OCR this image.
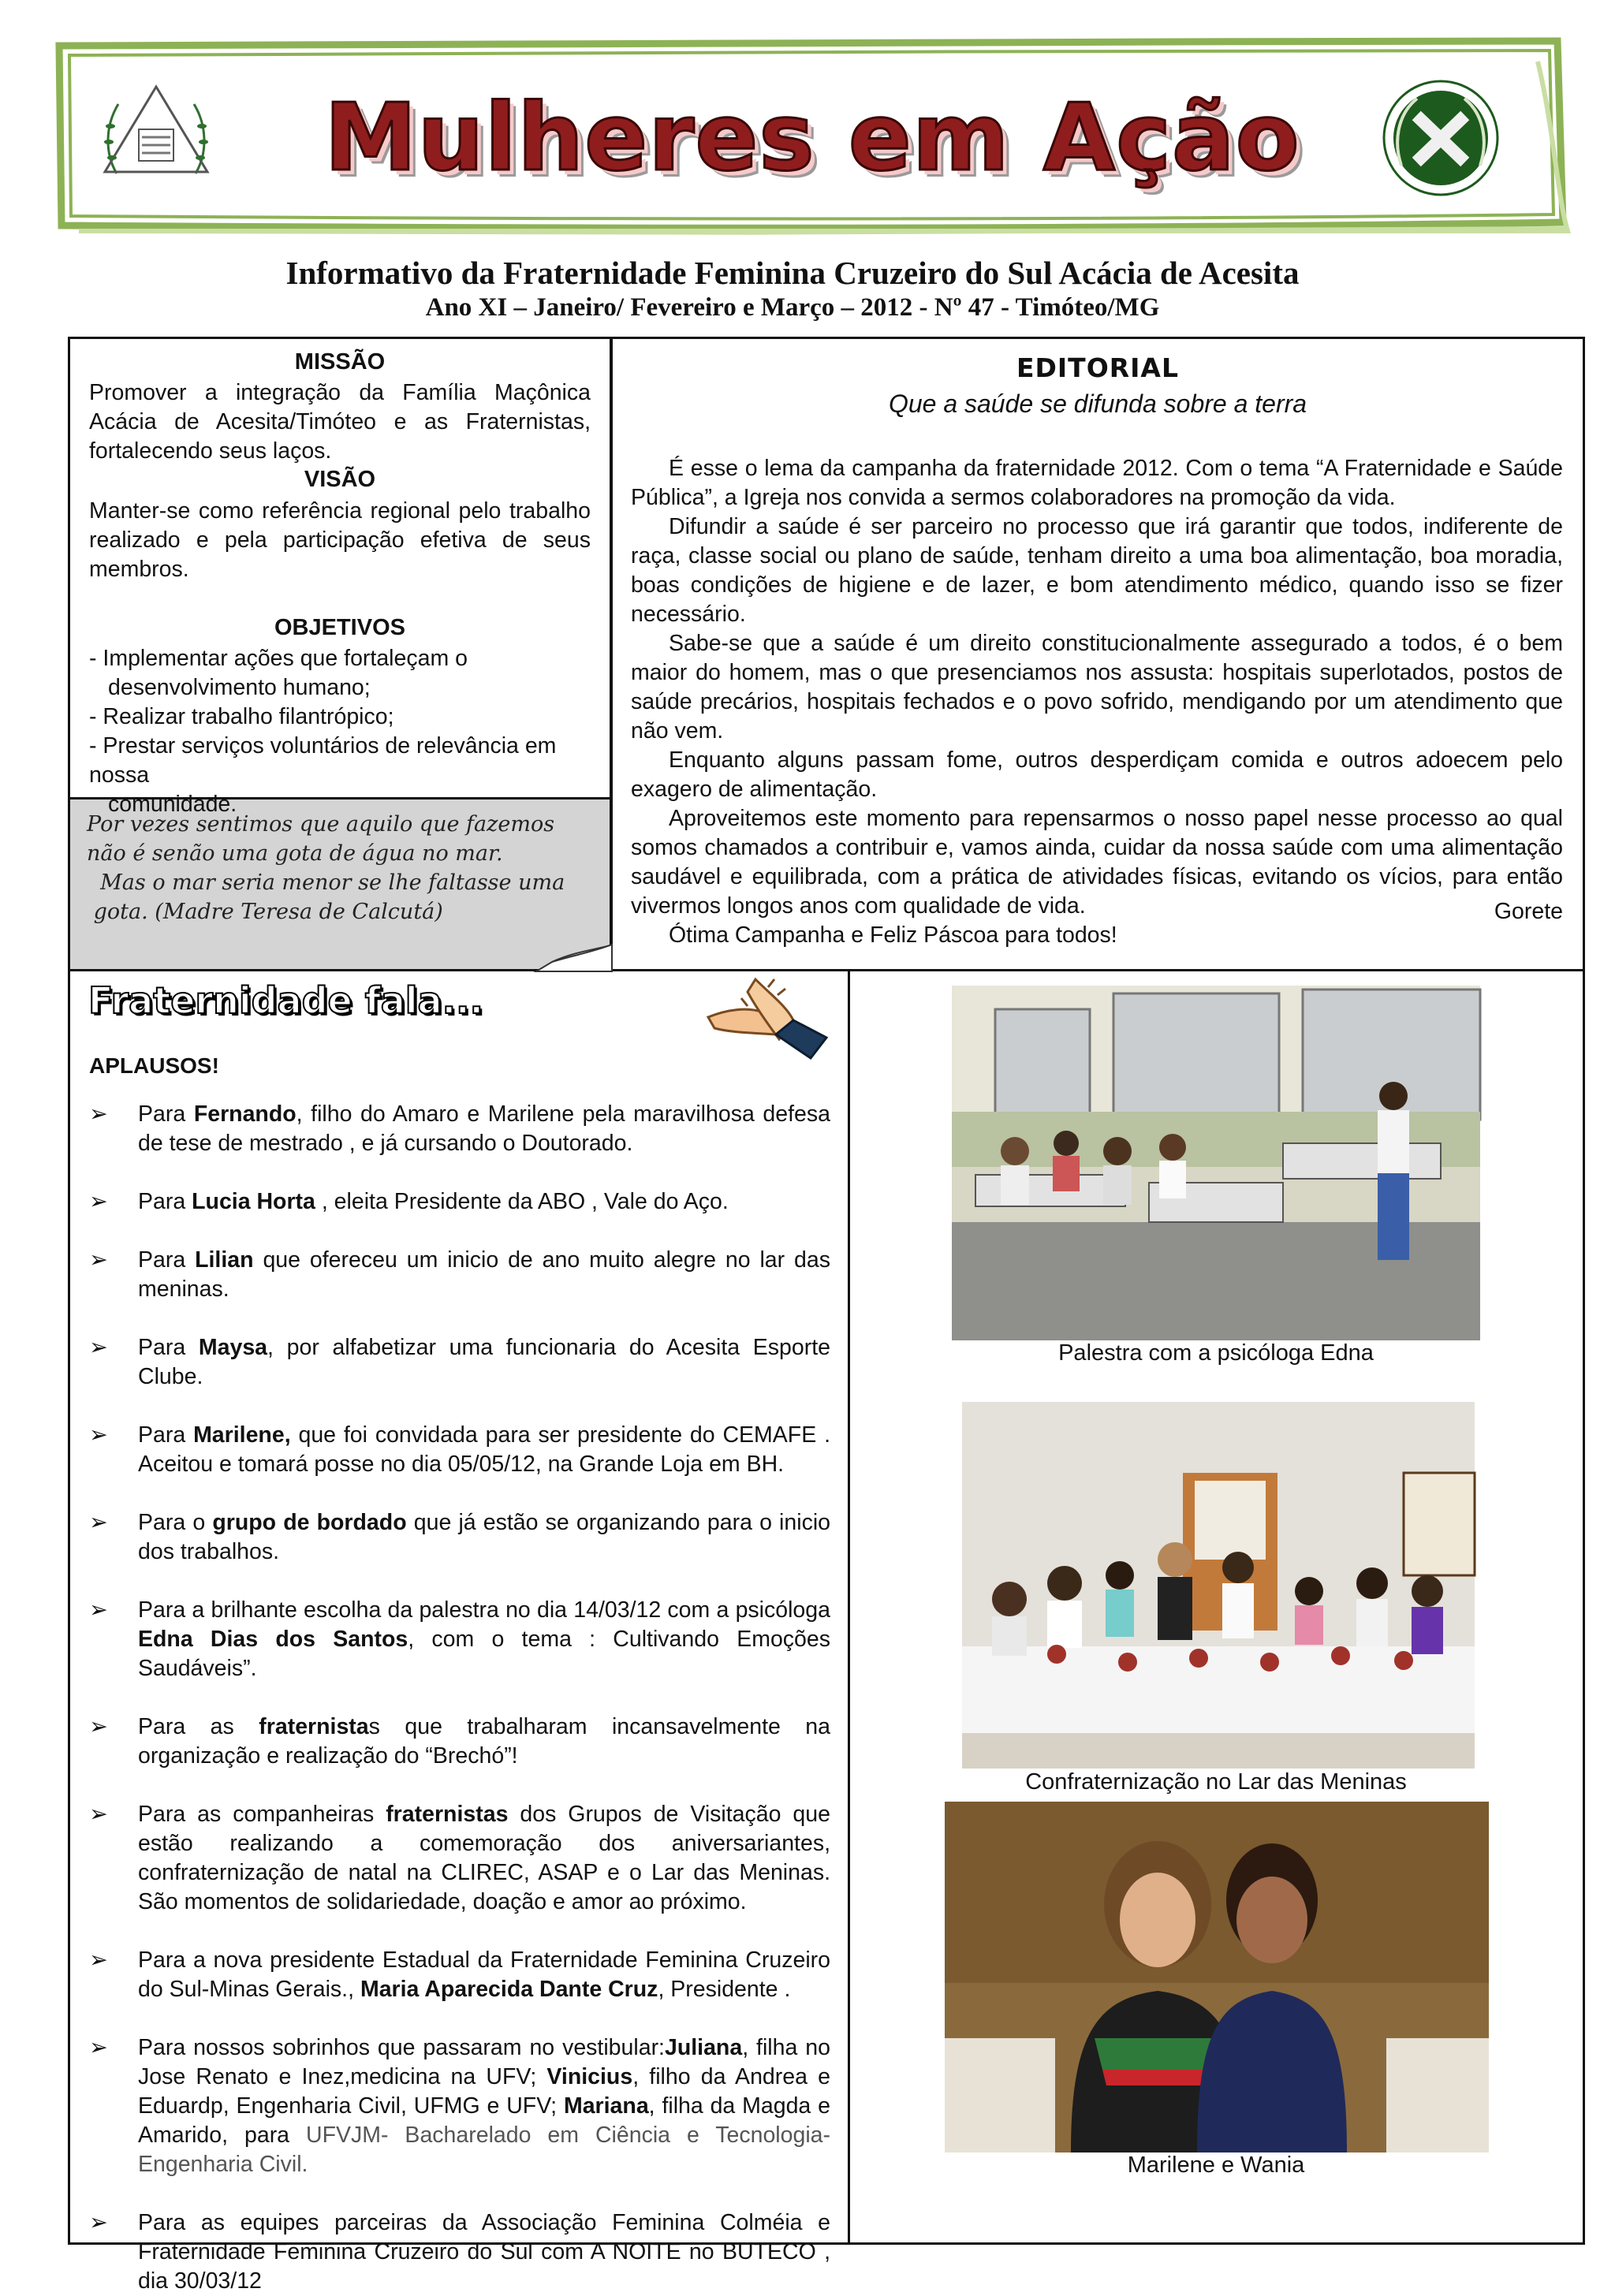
Mulheres em Ação
Informativo da Fraternidade Feminina Cruzeiro do Sul Acácia de Acesita
Ano XI – Janeiro/ Fevereiro e Março – 2012 - Nº 47 - Timóteo/MG
MISSÃO
Promover a integração da Família Maçônica Acácia de Acesita/Timóteo e as Fraternistas, fortalecendo seus laços.
VISÃO
Manter-se como referência regional pelo trabalho realizado e pela participação efetiva de seus membros.
OBJETIVOS
- Implementar ações que fortaleçam o
desenvolvimento humano;
- Realizar trabalho filantrópico;
- Prestar serviços voluntários de relevância em nossa
comunidade.
Por vezes sentimos que aquilo que fazemos
não é senão uma gota de água no mar.
Mas o mar seria menor se lhe faltasse uma
gota. (Madre Teresa de Calcutá)
EDITORIAL
Que a saúde se difunda sobre a terra

É esse o lema da campanha da fraternidade 2012. Com o tema “A Fraternidade e Saúde Pública”, a Igreja nos convida a sermos colaboradores na promoção da vida.

Difundir a saúde é ser parceiro no processo que irá garantir que todos, indiferente de raça, classe social ou plano de saúde, tenham direito a uma boa alimentação, boa moradia, boas condições de higiene e de lazer, e bom atendimento médico, quando isso se fizer necessário.

Sabe-se que a saúde é um direito constitucionalmente assegurado a todos, é o bem maior do homem, mas o que presenciamos nos assusta: hospitais superlotados, postos de saúde precários, hospitais fechados e o povo sofrido, mendigando por um atendimento que não vem.

Enquanto alguns passam fome, outros desperdiçam comida e outros adoecem pelo exagero de alimentação.

Aproveitemos este momento para repensarmos o nosso papel nesse processo ao qual somos chamados a contribuir e, vamos ainda, cuidar da nossa saúde com uma alimentação saudável e equilibrada, com a prática de atividades físicas, evitando os vícios, para então vivermos longos anos com qualidade de vida.

Ótima Campanha e Feliz Páscoa para todos!

Gorete
Fraternidade fala...
APLAUSOS!
➢	Para Fernando, filho do Amaro e Marilene pela maravilhosa defesa de tese de mestrado , e já cursando o Doutorado.
➢	Para Lucia Horta , eleita Presidente da ABO , Vale do Aço.
➢	Para Lilian que ofereceu um inicio de ano muito alegre no lar das meninas.
➢	Para Maysa, por alfabetizar uma funcionaria do Acesita Esporte Clube.
➢	Para Marilene, que foi convidada para ser presidente do CEMAFE . Aceitou e tomará posse no dia 05/05/12, na Grande Loja em BH.
➢	Para o grupo de bordado que já estão se organizando para o inicio dos trabalhos.
➢	Para a brilhante escolha da palestra no dia 14/03/12 com a psicóloga Edna Dias dos Santos, com o tema : Cultivando Emoções Saudáveis”.
➢	Para as fraternistas que trabalharam incansavelmente na organização e realização do “Brechó”!
➢	Para as companheiras fraternistas dos Grupos de Visitação que estão realizando a comemoração dos aniversariantes, confraternização de natal na CLIREC, ASAP e o Lar das Meninas. São momentos de solidariedade, doação e amor ao próximo.
➢	Para a nova presidente Estadual da Fraternidade Feminina Cruzeiro do Sul-Minas Gerais., Maria Aparecida Dante Cruz, Presidente .
➢	Para nossos sobrinhos que passaram no vestibular:Juliana, filha no Jose Renato e Inez,medicina na UFV; Vinicius, filho da Andrea e Eduardp, Engenharia Civil, UFMG e UFV; Mariana, filha da Magda e Amarido, para UFVJM- Bacharelado em Ciência e Tecnologia- Engenharia Civil.
➢	Para as equipes parceiras da Associação Feminina Colméia e Fraternidade Feminina Cruzeiro do Sul com A NOITE no BUTECO , dia 30/03/12
Palestra com a psicóloga Edna
Confraternização no Lar das Meninas
Marilene e Wania
